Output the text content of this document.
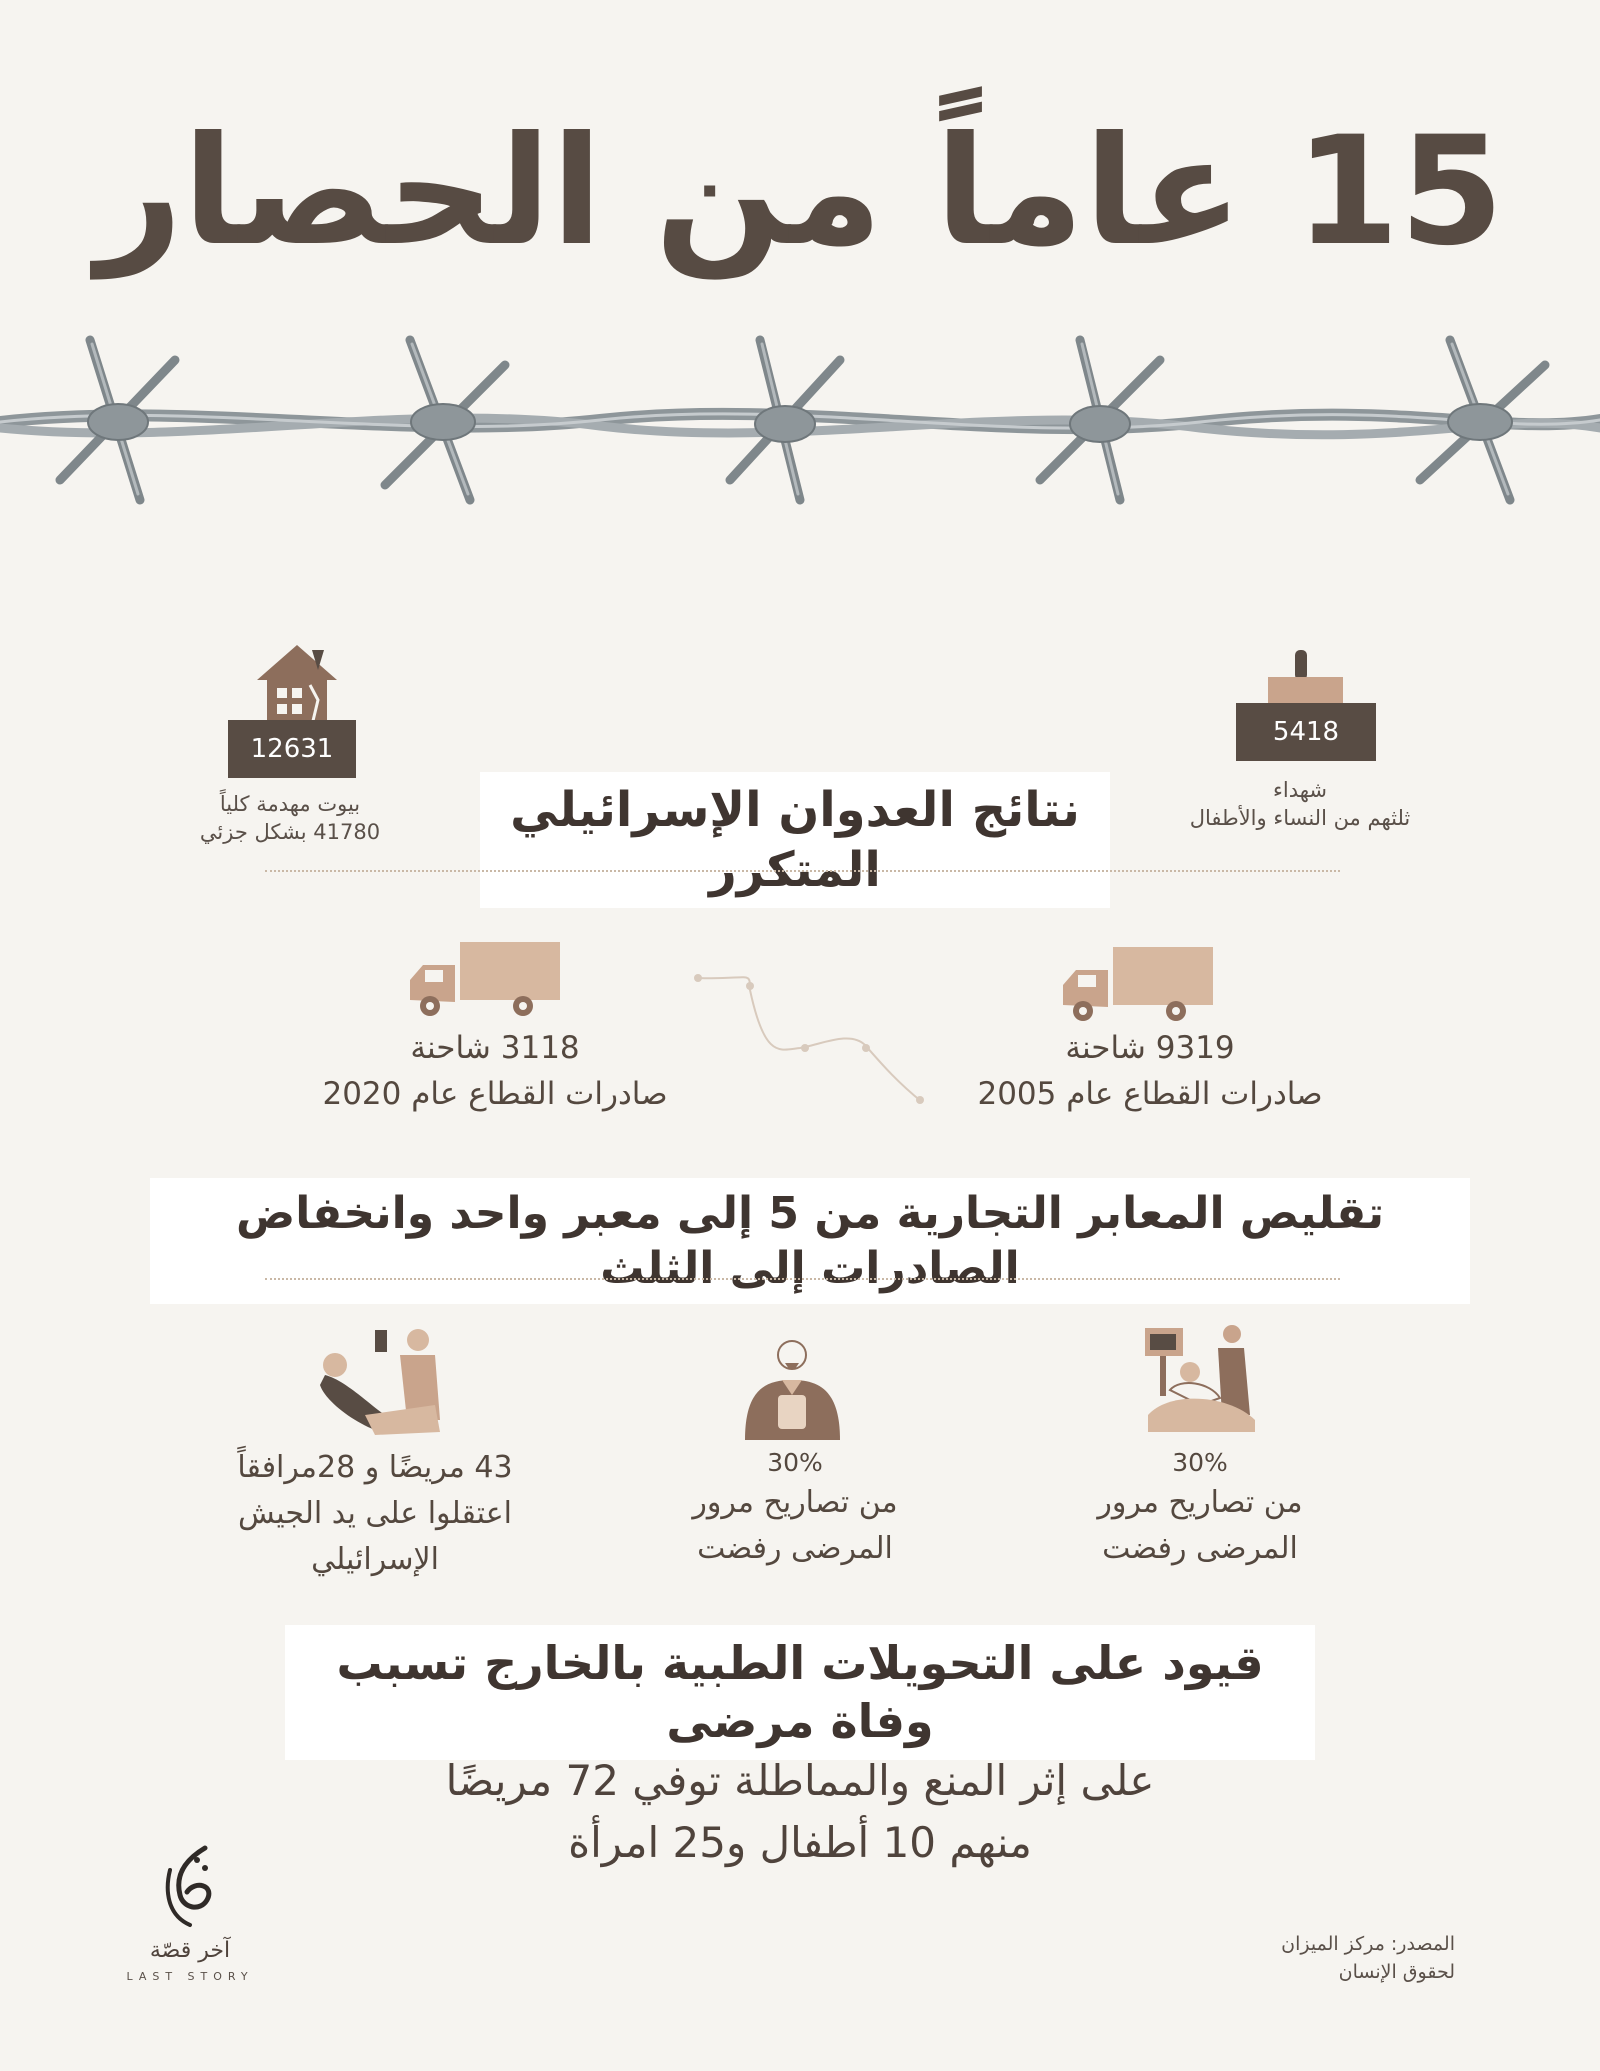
15 عاماً من الحصار
5418
شهداء
ثلثهم من النساء والأطفال
12631
بيوت مهدمة كلياً
41780 بشكل جزئي	نتائج العدوان الإسرائيلي المتكرر
9319 شاحنة
صادرات القطاع عام 2005
3118 شاحنة
صادرات القطاع عام 2020
تقليص المعابر التجارية من 5 إلى معبر واحد وانخفاض الصادرات إلى الثلث
30%
من تصاريح مرور
المرضى رفضت
30%
من تصاريح مرور
المرضى رفضت
43 مريضًا و 28مرافقاً
اعتقلوا على يد الجيش
الإسرائيلي
قيود على التحويلات الطبية بالخارج تسبب وفاة مرضى
على إثر المنع والمماطلة توفي 72 مريضًا
منهم 10 أطفال و25 امرأة
آخر قصّة
LAST STORY
المصدر: مركز الميزان
لحقوق الإنسان
